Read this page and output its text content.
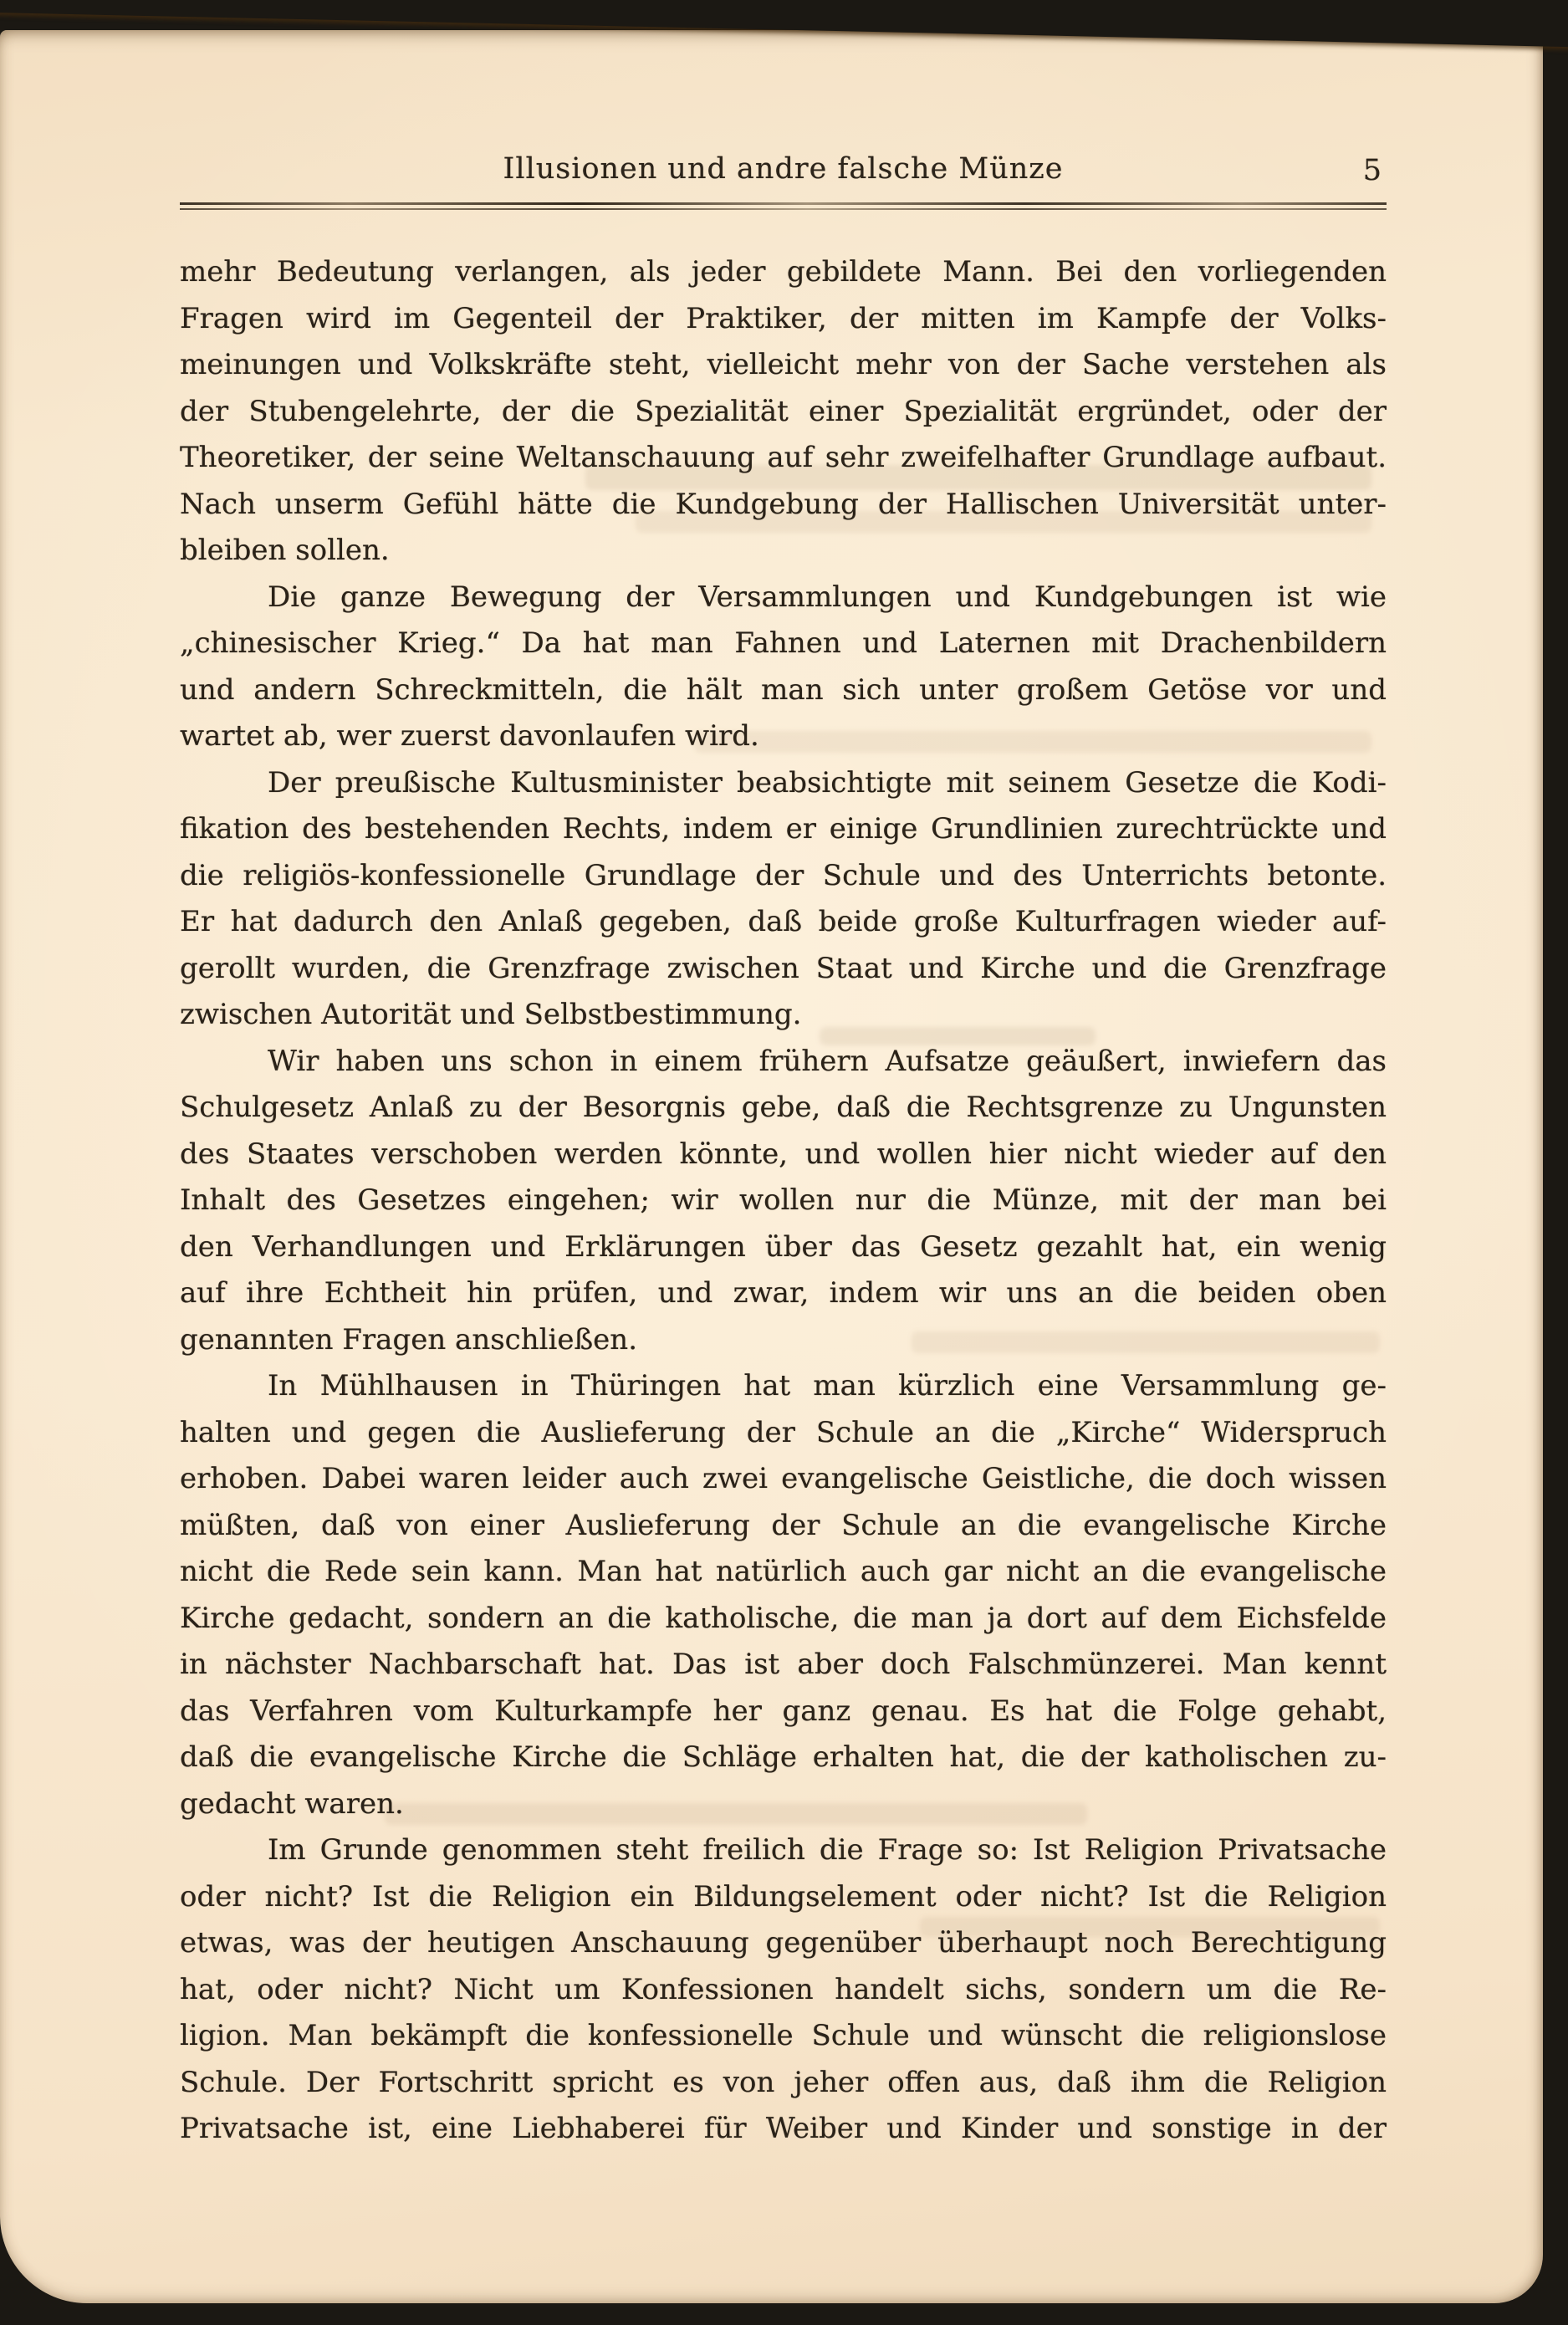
Illusionen und andre falsche Münze	5
mehr Bedeutung verlangen, als jeder gebildete Mann. Bei den vorliegenden
Fragen wird im Gegenteil der Praktiker, der mitten im Kampfe der Volks-
meinungen und Volkskräfte steht, vielleicht mehr von der Sache verstehen als
der Stubengelehrte, der die Spezialität einer Spezialität ergründet, oder der
Theoretiker, der seine Weltanschauung auf sehr zweifelhafter Grundlage aufbaut.
Nach unserm Gefühl hätte die Kundgebung der Hallischen Universität unter-
bleiben sollen.
Die ganze Bewegung der Versammlungen und Kundgebungen ist wie
„chinesischer Krieg.“ Da hat man Fahnen und Laternen mit Drachenbildern
und andern Schreckmitteln, die hält man sich unter großem Getöse vor und
wartet ab, wer zuerst davonlaufen wird.
Der preußische Kultusminister beabsichtigte mit seinem Gesetze die Kodi-
fikation des bestehenden Rechts, indem er einige Grundlinien zurechtrückte und
die religiös-konfessionelle Grundlage der Schule und des Unterrichts betonte.
Er hat dadurch den Anlaß gegeben, daß beide große Kulturfragen wieder auf-
gerollt wurden, die Grenzfrage zwischen Staat und Kirche und die Grenzfrage
zwischen Autorität und Selbstbestimmung.
Wir haben uns schon in einem frühern Aufsatze geäußert, inwiefern das
Schulgesetz Anlaß zu der Besorgnis gebe, daß die Rechtsgrenze zu Ungunsten
des Staates verschoben werden könnte, und wollen hier nicht wieder auf den
Inhalt des Gesetzes eingehen; wir wollen nur die Münze, mit der man bei
den Verhandlungen und Erklärungen über das Gesetz gezahlt hat, ein wenig
auf ihre Echtheit hin prüfen, und zwar, indem wir uns an die beiden oben
genannten Fragen anschließen.
In Mühlhausen in Thüringen hat man kürzlich eine Versammlung ge-
halten und gegen die Auslieferung der Schule an die „Kirche“ Widerspruch
erhoben. Dabei waren leider auch zwei evangelische Geistliche, die doch wissen
müßten, daß von einer Auslieferung der Schule an die evangelische Kirche
nicht die Rede sein kann. Man hat natürlich auch gar nicht an die evangelische
Kirche gedacht, sondern an die katholische, die man ja dort auf dem Eichsfelde
in nächster Nachbarschaft hat. Das ist aber doch Falschmünzerei. Man kennt
das Verfahren vom Kulturkampfe her ganz genau. Es hat die Folge gehabt,
daß die evangelische Kirche die Schläge erhalten hat, die der katholischen zu-
gedacht waren.
Im Grunde genommen steht freilich die Frage so: Ist Religion Privatsache
oder nicht? Ist die Religion ein Bildungselement oder nicht? Ist die Religion
etwas, was der heutigen Anschauung gegenüber überhaupt noch Berechtigung
hat, oder nicht? Nicht um Konfessionen handelt sichs, sondern um die Re-
ligion. Man bekämpft die konfessionelle Schule und wünscht die religionslose
Schule. Der Fortschritt spricht es von jeher offen aus, daß ihm die Religion
Privatsache ist, eine Liebhaberei für Weiber und Kinder und sonstige in der
